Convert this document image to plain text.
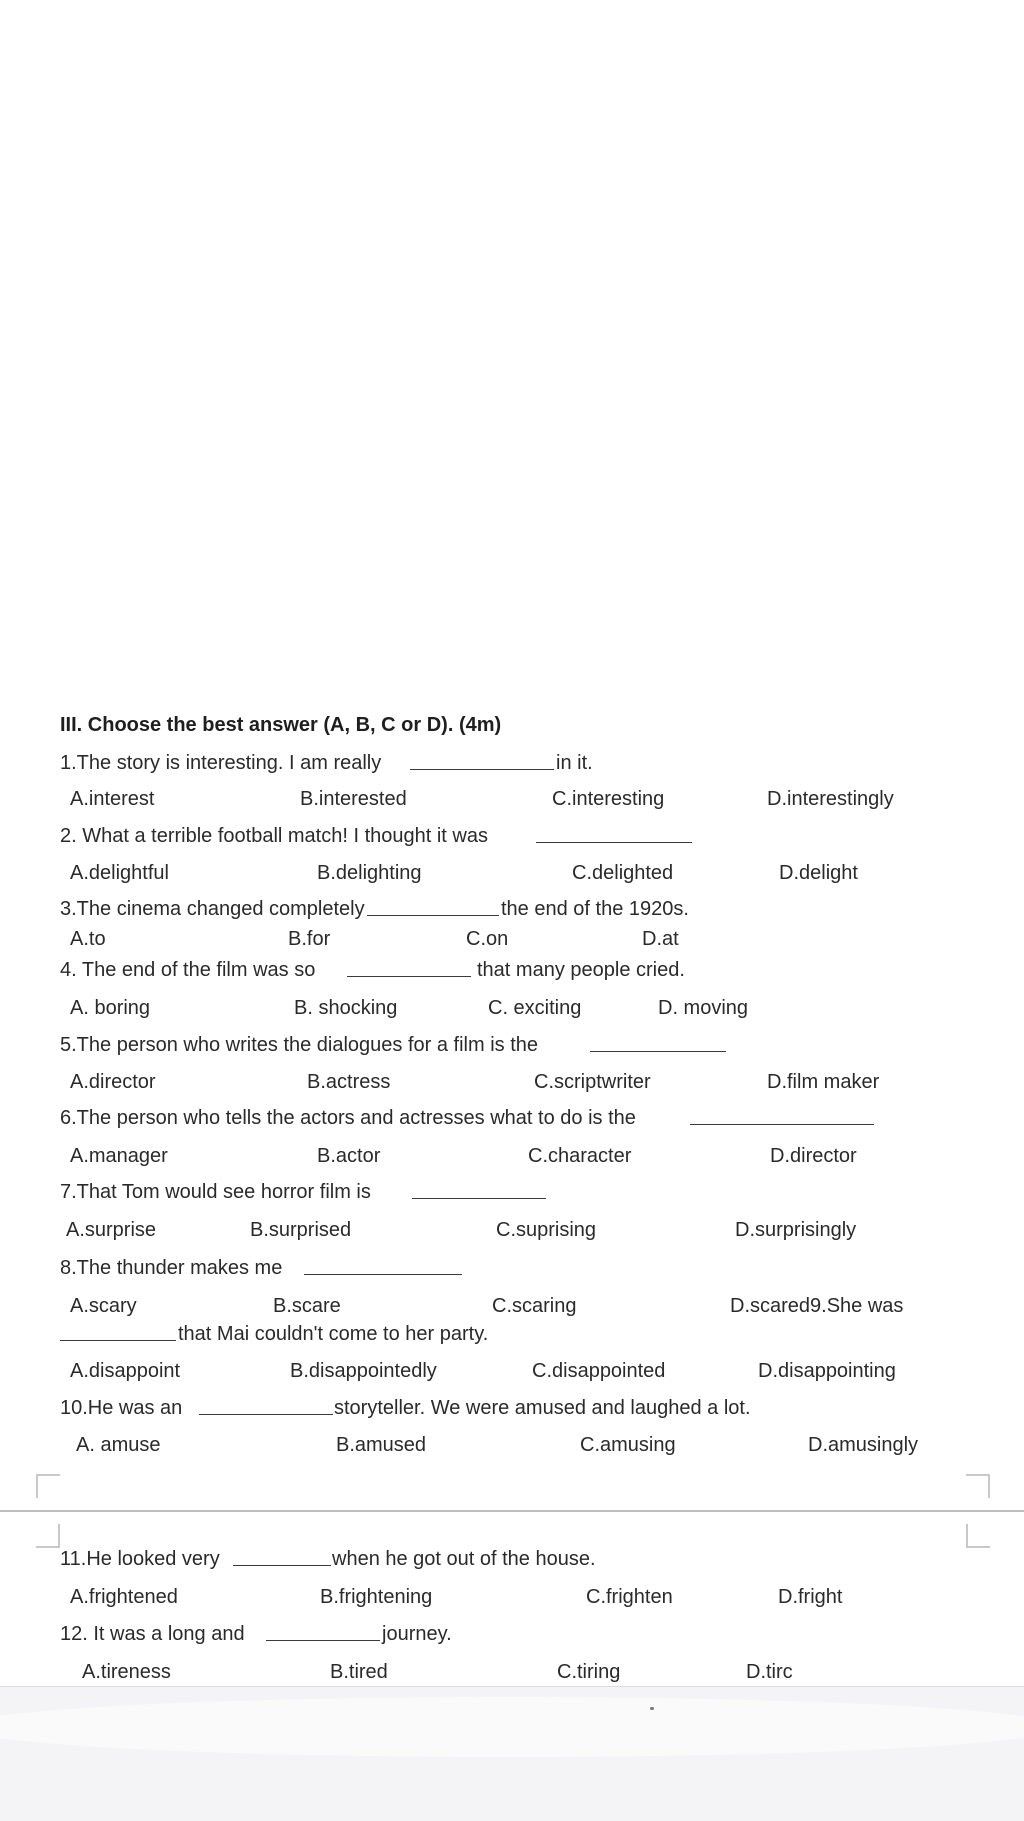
III. Choose the best answer (A, B, C or D). (4m)
1.The story is interesting. I am really	in it.
A.interest	B.interested	C.interesting	D.interestingly
2. What a terrible football match! I thought it was
A.delightful	B.delighting	C.delighted	D.delight
3.The cinema changed completely	the end of the 1920s.
A.to	B.for	C.on	D.at
4. The end of the film was so	that many people cried.
A. boring	B. shocking	C. exciting	D. moving
5.The person who writes the dialogues for a film is the
A.director	B.actress	C.scriptwriter	D.film maker
6.The person who tells the actors and actresses what to do is the
A.manager	B.actor	C.character	D.director
7.That Tom would see horror film is
A.surprise	B.surprised	C.suprising	D.surprisingly
8.The thunder makes me
A.scary	B.scare	C.scaring	D.scared9.She was
that Mai couldn't come to her party.
A.disappoint	B.disappointedly	C.disappointed	D.disappointing
10.He was an	storyteller. We were amused and laughed a lot.
A. amuse	B.amused	C.amusing	D.amusingly
11.He looked very	when he got out of the house.
A.frightened	B.frightening	C.frighten	D.fright
12. It was a long and	journey.
A.tireness	B.tired	C.tiring	D.tirc
